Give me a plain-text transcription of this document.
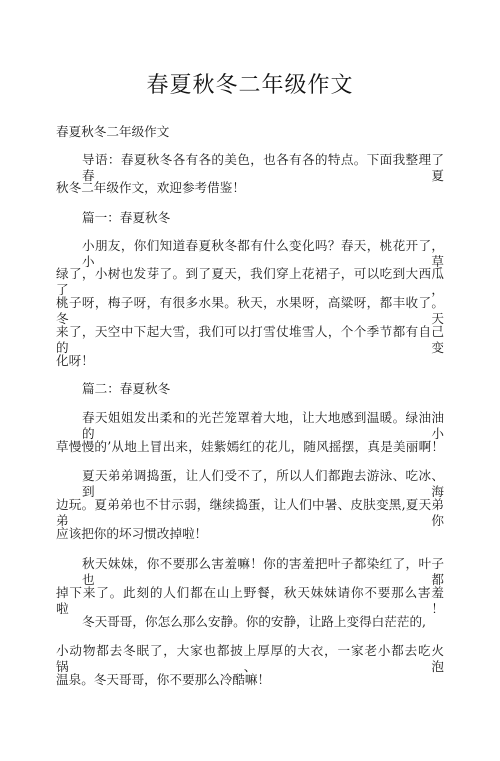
春夏秋冬二年级作文
春夏秋冬二年级作文
导语：春夏秋冬各有各的美色，也各有各的特点。下面我整理了春夏
秋冬二年级作文，欢迎参考借鉴！
篇一：春夏秋冬
小朋友，你们知道春夏秋冬都有什么变化吗？春天，桃花开了，小草
绿了，小树也发芽了。到了夏天，我们穿上花裙子，可以吃到大西瓜了，
桃子呀，梅子呀，有很多水果。秋天，水果呀，高粱呀，都丰收了。冬天
来了，天空中下起大雪，我们可以打雪仗堆雪人，个个季节都有自己的变
化呀！
篇二：春夏秋冬
春天姐姐发出柔和的光芒笼罩着大地，让大地感到温暖。绿油油的小
草慢慢的’从地上冒出来，娃紫嫣红的花儿，随风摇摆，真是美丽啊！
夏天弟弟调捣蛋，让人们受不了，所以人们都跑去游泳、吃冰、到海
边玩。夏弟弟也不甘示弱，继续捣蛋，让人们中暑、皮肤变黑,夏天弟弟你
应该把你的坏习惯改掉啦！
秋天妹妹，你不要那么害羞嘛！你的害羞把叶子都染红了，叶子也都
掉下来了。此刻的人们都在山上野餐，秋天妹妹请你不要那么害羞啦！
冬天哥哥，你怎么那么安静。你的安静，让路上变得白茫茫的,
小动物都去冬眠了，大家也都披上厚厚的大衣，一家老小都去吃火锅、泡
温泉。冬天哥哥，你不要那么冷酷嘛！
